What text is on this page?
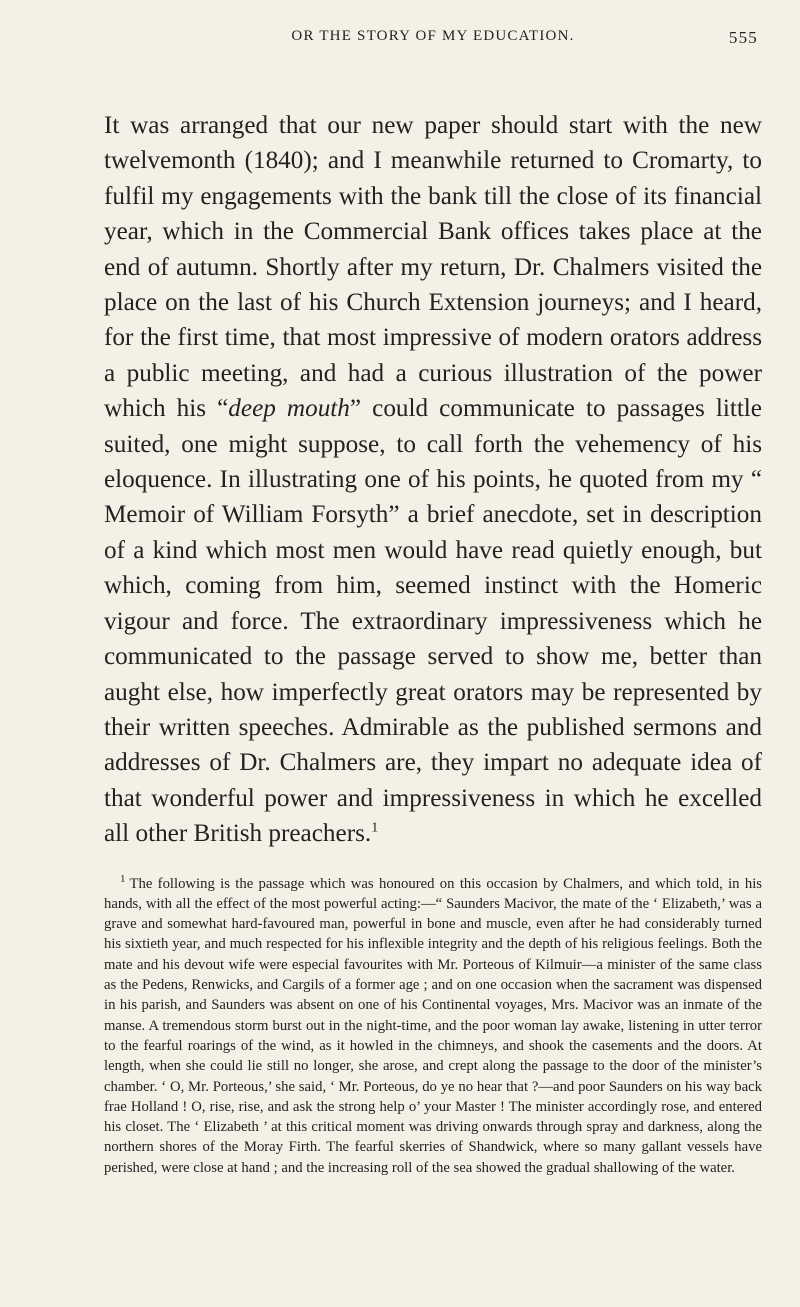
OR THE STORY OF MY EDUCATION.	555

It was arranged that our new paper should start with the new twelvemonth (1840); and I meanwhile returned to Cromarty, to fulfil my engagements with the bank till the close of its financial year, which in the Commercial Bank offices takes place at the end of autumn. Shortly after my return, Dr. Chalmers visited the place on the last of his Church Extension journeys; and I heard, for the first time, that most impressive of modern orators address a public meeting, and had a curious illustration of the power which his “deep mouth” could communicate to passages little suited, one might suppose, to call forth the vehemency of his eloquence. In illustrating one of his points, he quoted from my “ Memoir of William Forsyth” a brief anecdote, set in description of a kind which most men would have read quietly enough, but which, coming from him, seemed instinct with the Homeric vigour and force. The extraordinary impressiveness which he communicated to the passage served to show me, better than aught else, how imperfectly great orators may be represented by their written speeches. Admirable as the published sermons and addresses of Dr. Chalmers are, they impart no adequate idea of that wonderful power and impressiveness in which he excelled all other British preachers.$^1$

$^1$ The following is the passage which was honoured on this occasion by Chalmers, and which told, in his hands, with all the effect of the most powerful acting:—“ Saunders Macivor, the mate of the ‘ Elizabeth,’ was a grave and somewhat hard-favoured man, powerful in bone and muscle, even after he had considerably turned his sixtieth year, and much respected for his inflexible integrity and the depth of his religious feelings. Both the mate and his devout wife were especial favourites with Mr. Porteous of Kilmuir—a minister of the same class as the Pedens, Renwicks, and Cargils of a former age ; and on one occasion when the sacrament was dispensed in his parish, and Saunders was absent on one of his Continental voyages, Mrs. Macivor was an inmate of the manse. A tremendous storm burst out in the night-time, and the poor woman lay awake, listening in utter terror to the fearful roarings of the wind, as it howled in the chimneys, and shook the casements and the doors. At length, when she could lie still no longer, she arose, and crept along the passage to the door of the minister’s chamber. ‘ O, Mr. Porteous,’ she said, ‘ Mr. Porteous, do ye no hear that ?—and poor Saunders on his way back frae Holland ! O, rise, rise, and ask the strong help o’ your Master ! The minister accordingly rose, and entered his closet. The ‘ Elizabeth ’ at this critical moment was driving onwards through spray and darkness, along the northern shores of the Moray Firth. The fearful skerries of Shandwick, where so many gallant vessels have perished, were close at hand ; and the increasing roll of the sea showed the gradual shallowing of the water.
